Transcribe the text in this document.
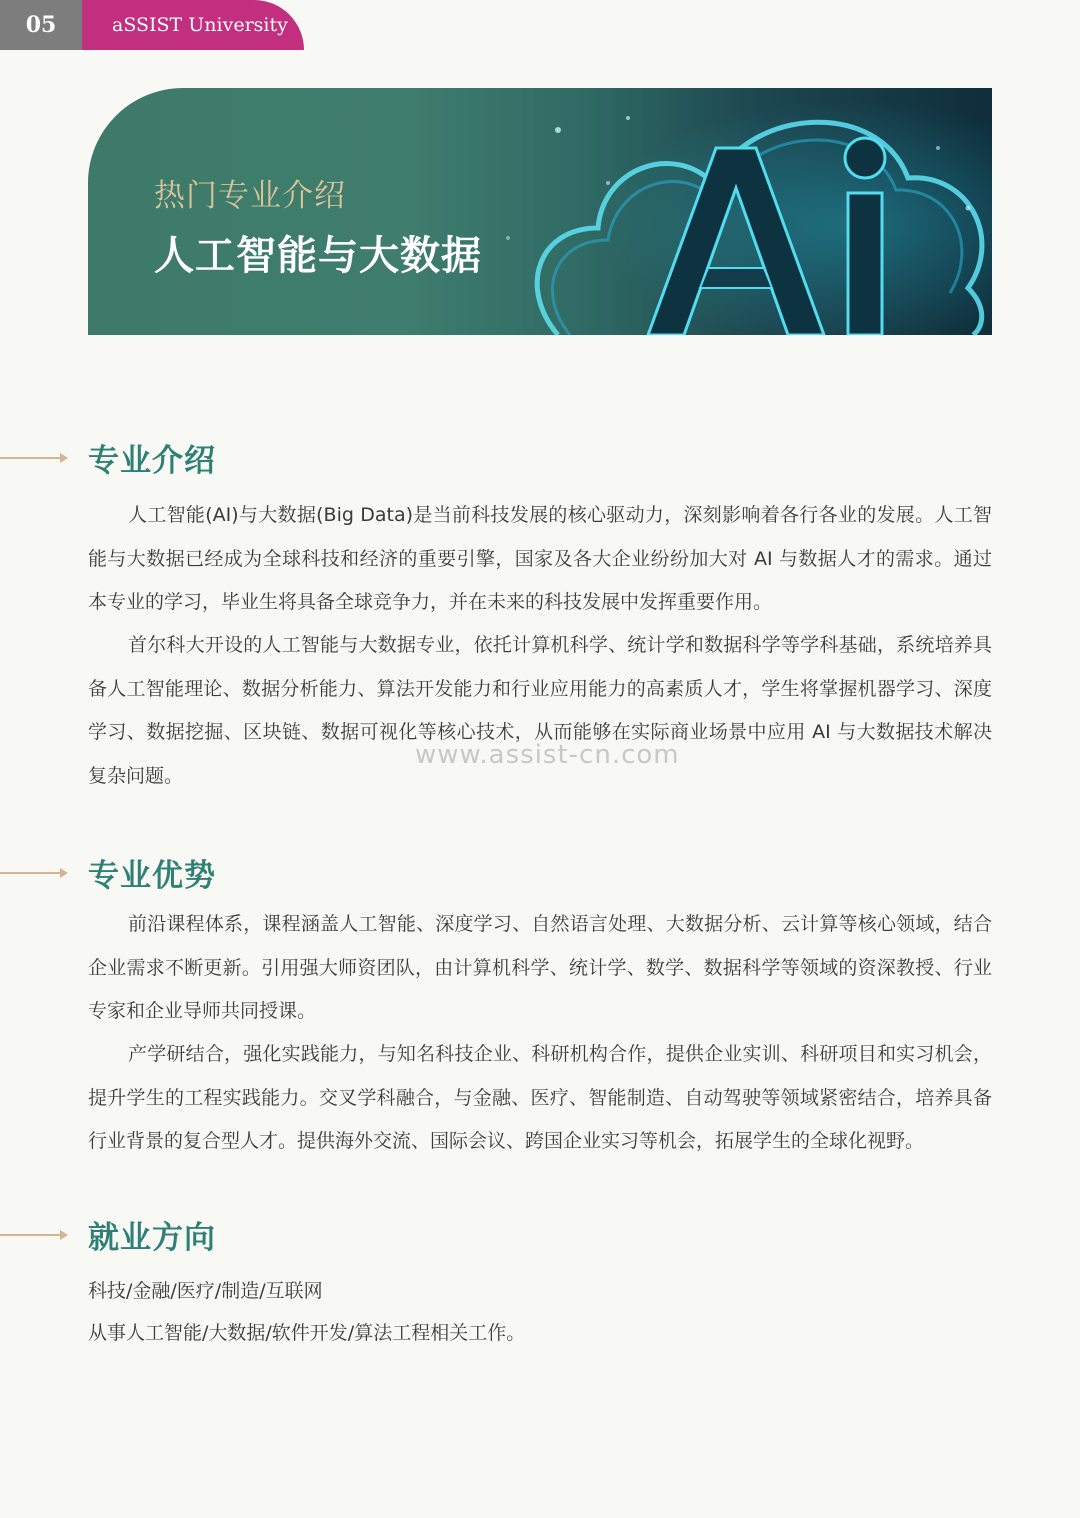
05	aSSIST University
热门专业介绍
人工智能与大数据
专业介绍

人工智能(AI)与大数据(Big Data)是当前科技发展的核心驱动力，深刻影响着各行各业的发展。人工智能与大数据已经成为全球科技和经济的重要引擎，国家及各大企业纷纷加大对 AI 与数据人才的需求。通过本专业的学习，毕业生将具备全球竞争力，并在未来的科技发展中发挥重要作用。

首尔科大开设的人工智能与大数据专业，依托计算机科学、统计学和数据科学等学科基础，系统培养具备人工智能理论、数据分析能力、算法开发能力和行业应用能力的高素质人才，学生将掌握机器学习、深度学习、数据挖掘、区块链、数据可视化等核心技术，从而能够在实际商业场景中应用 AI 与大数据技术解决复杂问题。

www.assist-cn.com
专业优势

前沿课程体系，课程涵盖人工智能、深度学习、自然语言处理、大数据分析、云计算等核心领域，结合企业需求不断更新。引用强大师资团队，由计算机科学、统计学、数学、数据科学等领域的资深教授、行业专家和企业导师共同授课。

产学研结合，强化实践能力，与知名科技企业、科研机构合作，提供企业实训、科研项目和实习机会，提升学生的工程实践能力。交叉学科融合，与金融、医疗、智能制造、自动驾驶等领域紧密结合，培养具备行业背景的复合型人才。提供海外交流、国际会议、跨国企业实习等机会，拓展学生的全球化视野。

就业方向

科技/金融/医疗/制造/互联网

从事人工智能/大数据/软件开发/算法工程相关工作。
